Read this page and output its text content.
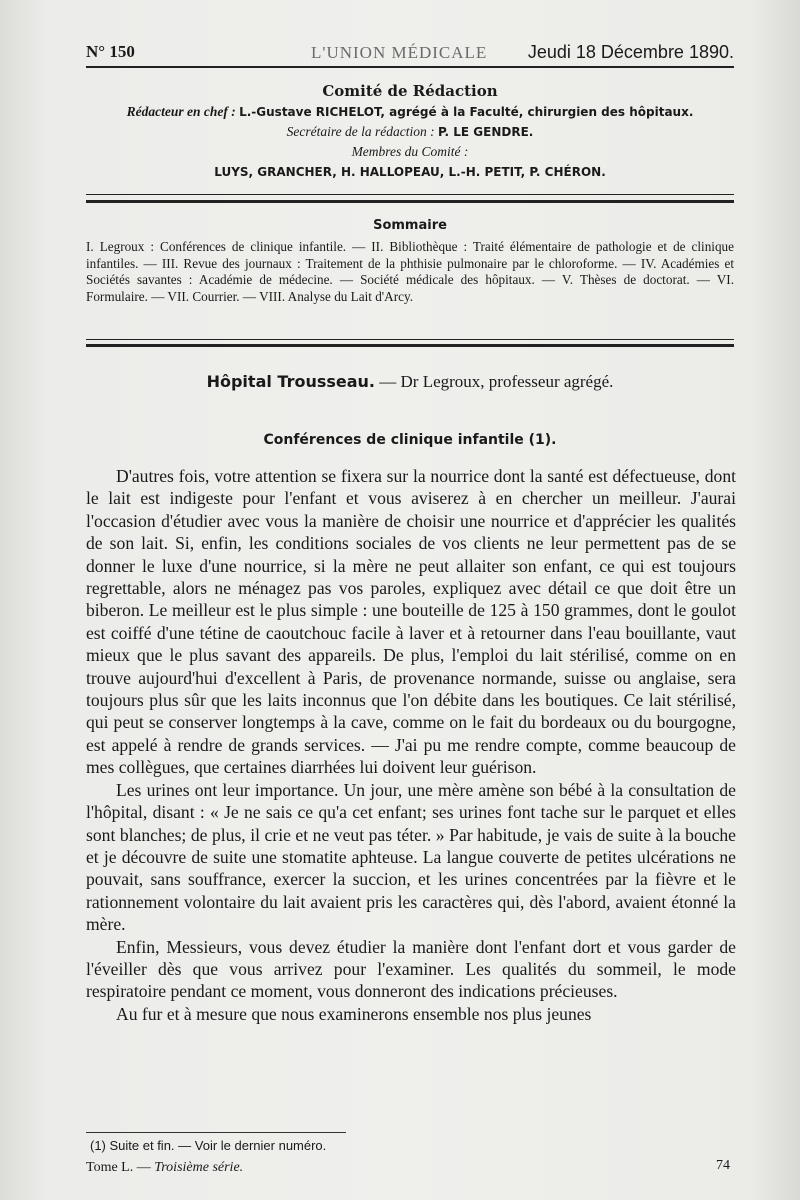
N° 150	L'UNION MÉDICALE Jeudi 18 Décembre 1890.
Comité de Rédaction
Rédacteur en chef : L.-Gustave RICHELOT, agrégé à la Faculté, chirurgien des hôpitaux.
Secrétaire de la rédaction : P. LE GENDRE.
Membres du Comité :
LUYS, GRANCHER, H. HALLOPEAU, L.-H. PETIT, P. CHÉRON.
Sommaire
I. Legroux : Conférences de clinique infantile. — II. Bibliothèque : Traité élémentaire de pathologie et de clinique infantiles. — III. Revue des journaux : Traitement de la phthisie pulmonaire par le chloroforme. — IV. Académies et Sociétés savantes : Académie de médecine. — Société médicale des hôpitaux. — V. Thèses de doctorat. — VI. Formulaire. — VII. Courrier. — VIII. Analyse du Lait d'Arcy.
Hôpital Trousseau. — Dr Legroux, professeur agrégé.
Conférences de clinique infantile (1).

D'autres fois, votre attention se fixera sur la nourrice dont la santé est défectueuse, dont le lait est indigeste pour l'enfant et vous aviserez à en chercher un meilleur. J'aurai l'occasion d'étudier avec vous la manière de choisir une nourrice et d'apprécier les qualités de son lait. Si, enfin, les conditions sociales de vos clients ne leur permettent pas de se donner le luxe d'une nourrice, si la mère ne peut allaiter son enfant, ce qui est toujours regrettable, alors ne ménagez pas vos paroles, expliquez avec détail ce que doit être un biberon. Le meilleur est le plus simple : une bouteille de 125 à 150 grammes, dont le goulot est coiffé d'une tétine de caoutchouc facile à laver et à retourner dans l'eau bouillante, vaut mieux que le plus savant des appareils. De plus, l'emploi du lait stérilisé, comme on en trouve aujourd'hui d'excellent à Paris, de provenance normande, suisse ou anglaise, sera toujours plus sûr que les laits inconnus que l'on débite dans les boutiques. Ce lait stérilisé, qui peut se conserver longtemps à la cave, comme on le fait du bordeaux ou du bourgogne, est appelé à rendre de grands services. — J'ai pu me rendre compte, comme beaucoup de mes collègues, que certaines diarrhées lui doivent leur guérison.

Les urines ont leur importance. Un jour, une mère amène son bébé à la consultation de l'hôpital, disant : « Je ne sais ce qu'a cet enfant; ses urines font tache sur le parquet et elles sont blanches; de plus, il crie et ne veut pas téter. » Par habitude, je vais de suite à la bouche et je découvre de suite une stomatite aphteuse. La langue couverte de petites ulcérations ne pouvait, sans souffrance, exercer la succion, et les urines concentrées par la fièvre et le rationnement volontaire du lait avaient pris les caractères qui, dès l'abord, avaient étonné la mère.

Enfin, Messieurs, vous devez étudier la manière dont l'enfant dort et vous garder de l'éveiller dès que vous arrivez pour l'examiner. Les qualités du sommeil, le mode respiratoire pendant ce moment, vous donneront des indications précieuses.

Au fur et à mesure que nous examinerons ensemble nos plus jeunes

(1) Suite et fin. — Voir le dernier numéro.
Tome L. — Troisième série.	74
